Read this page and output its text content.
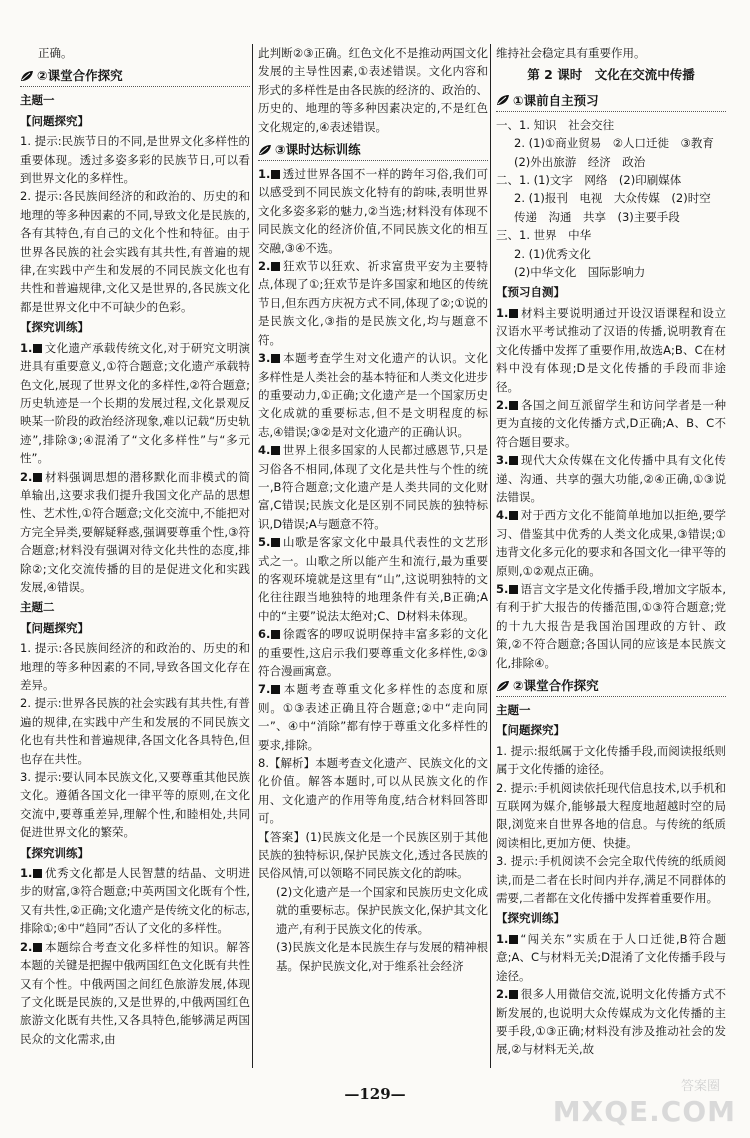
正确。
②课堂合作探究
主题一
【问题探究】
1. 提示:民族节日的不同,是世界文化多样性的重要体现。透过多姿多彩的民族节日,可以看到世界文化的多样性。
2. 提示:各民族间经济的和政治的、历史的和地理的等多种因素的不同,导致文化是民族的,各有其特色,有自己的文化个性和特征。由于世界各民族的社会实践有其共性,有普遍的规律,在实践中产生和发展的不同民族文化也有共性和普遍规律,文化又是世界的,各民族文化都是世界文化中不可缺少的色彩。
【探究训练】
1. 文化遗产承载传统文化,对于研究文明演进具有重要意义,①符合题意;文化遗产承载特色文化,展现了世界文化的多样性,②符合题意;历史轨迹是一个长期的发展过程,文化景观反映某一阶段的政治经济现象,难以记载“历史轨迹”,排除③;④混淆了“文化多样性”与“多元性”。
2. 材料强调思想的潜移默化而非模式的简单输出,这要求我们提升我国文化产品的思想性、艺术性,①符合题意;文化交流中,不能把对方完全异类,要解疑释惑,强调要尊重个性,③符合题意;材料没有强调对待文化共性的态度,排除②;文化交流传播的目的是促进文化和实践发展,④错误。
主题二
【问题探究】
1. 提示:各民族间经济的和政治的、历史的和地理的等多种因素的不同,导致各国文化存在差异。
2. 提示:世界各民族的社会实践有其共性,有普遍的规律,在实践中产生和发展的不同民族文化也有共性和普遍规律,各国文化各具特色,但也存在共性。
3. 提示:要认同本民族文化,又要尊重其他民族文化。遵循各国文化一律平等的原则,在文化交流中,要尊重差异,理解个性,和睦相处,共同促进世界文化的繁荣。
【探究训练】
1. 优秀文化都是人民智慧的结晶、文明进步的财富,③符合题意;中英两国文化既有个性,又有共性,②正确;文化遗产是传统文化的标志,排除①;④中“趋同”否认了文化的多样性。
2. 本题综合考查文化多样性的知识。解答本题的关键是把握中俄两国红色文化既有共性又有个性。中俄两国之间红色旅游发展,体现了文化既是民族的,又是世界的,中俄两国红色旅游文化既有共性,又各具特色,能够满足两国民众的文化需求,由
此判断②③正确。红色文化不是推动两国文化发展的主导性因素,①表述错误。文化内容和形式的多样性是由各民族的经济的、政治的、历史的、地理的等多种因素决定的,不是红色文化规定的,④表述错误。
③课时达标训练
1. 透过世界各国不一样的跨年习俗,我们可以感受到不同民族文化特有的韵味,表明世界文化多姿多彩的魅力,②当选;材料没有体现不同民族文化的经济价值,不同民族文化的相互交融,③④不选。
2. 狂欢节以狂欢、祈求富贵平安为主要特点,体现了①;狂欢节是许多国家和地区的传统节日,但东西方庆祝方式不同,体现了②;①说的是民族文化,③指的是民族文化,均与题意不符。
3. 本题考查学生对文化遗产的认识。文化多样性是人类社会的基本特征和人类文化进步的重要动力,①正确;文化遗产是一个国家历史文化成就的重要标志,但不是文明程度的标志,④错误;③②是对文化遗产的正确认识。
4. 世界上很多国家的人民都过感恩节,只是习俗各不相同,体现了文化是共性与个性的统一,B符合题意;文化遗产是人类共同的文化财富,C错误;民族文化是区别不同民族的独特标识,D错误;A与题意不符。
5. 山歌是客家文化中最具代表性的文艺形式之一。山歌之所以能产生和流行,最为重要的客观环境就是这里有“山”,这说明独特的文化往往跟当地独特的地理条件有关,B正确;A中的“主要”说法太绝对;C、D材料未体现。
6. 徐霞客的啰叹说明保持丰富多彩的文化的重要性,这启示我们要尊重文化多样性,②③符合漫画寓意。
7. 本题考查尊重文化多样性的态度和原则。①③表述正确且符合题意;②中“走向同一”、④中“消除”都有悖于尊重文化多样性的要求,排除。
8.【解析】本题考查文化遗产、民族文化的文化价值。解答本题时,可以从民族文化的作用、文化遗产的作用等角度,结合材料回答即可。
【答案】(1)民族文化是一个民族区别于其他民族的独特标识,保护民族文化,透过各民族的民俗风情,可以领略不同民族文化的韵味。
(2)文化遗产是一个国家和民族历史文化成就的重要标志。保护民族文化,保护其文化遗产,有利于民族文化的传承。
(3)民族文化是本民族生存与发展的精神根基。保护民族文化,对于维系社会经济
维持社会稳定具有重要作用。
第 2 课时　文化在交流中传播
①课前自主预习
一、1. 知识　社会交往
2. (1)①商业贸易　②人口迁徙　③教育
(2)外出旅游　经济　政治
二、1. (1)文字　网络　(2)印刷媒体
2. (1)报刊　电视　大众传媒　(2)时空
传递　沟通　共享　(3)主要手段
三、1. 世界　中华
2. (1)优秀文化
(2)中华文化　国际影响力
【预习自测】
1. 材料主要说明通过开设汉语课程和设立汉语水平考试推动了汉语的传播,说明教育在文化传播中发挥了重要作用,故选A;B、C在材料中没有体现;D是文化传播的手段而非途径。
2. 各国之间互派留学生和访问学者是一种更为直接的文化传播方式,D正确;A、B、C不符合题目要求。
3. 现代大众传媒在文化传播中具有文化传递、沟通、共享的强大功能,②④正确,①③说法错误。
4. 对于西方文化不能简单地加以拒绝,要学习、借鉴其中优秀的人类文化成果,③错误;①违背文化多元化的要求和各国文化一律平等的原则,①②观点正确。
5. 语言文字是文化传播手段,增加文字版本,有利于扩大报告的传播范围,①③符合题意;党的十九大报告是我国治国理政的方针、政策,②不符合题意;各国认同的应该是本民族文化,排除④。
②课堂合作探究
主题一
【问题探究】
1. 提示:报纸属于文化传播手段,而阅读报纸则属于文化传播的途径。
2. 提示:手机阅读依托现代信息技术,以手机和互联网为媒介,能够最大程度地超越时空的局限,浏览来自世界各地的信息。与传统的纸质阅读相比,更加方便、快捷。
3. 提示:手机阅读不会完全取代传统的纸质阅读,而是二者在长时间内并存,满足不同群体的需要,二者都在文化传播中发挥着重要作用。
【探究训练】
1. “闯关东”实质在于人口迁徙,B符合题意;A、C与材料无关;D混淆了文化传播手段与途径。
2. 很多人用微信交流,说明文化传播方式不断发展的,也说明大众传媒成为文化传播的主要手段,①③正确;材料没有涉及推动社会的发展,②与材料无关,故
—129—	答案圈
MXQE.COM
